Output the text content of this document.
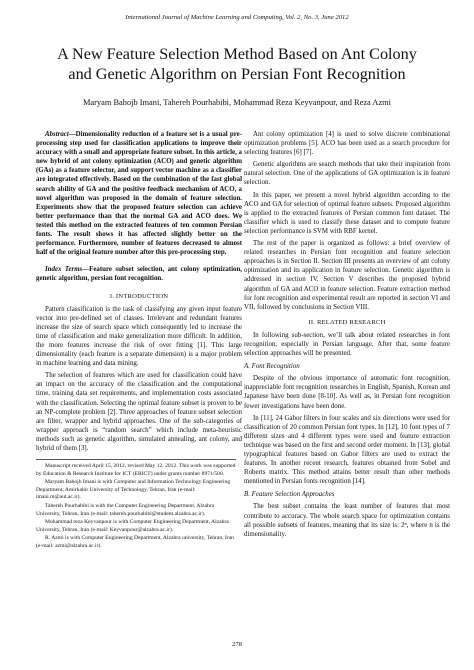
International Journal of Machine Learning and Computing, Vol. 2, No. 3, June 2012
A New Feature Selection Method Based on Ant Colony
and Genetic Algorithm on Persian Font Recognition
Maryam Bahojb Imani, Tahereh Pourhabibi, Mohammad Reza Keyvanpour, and Reza Azmi
Abstract—Dimensionality reduction of a feature set is a usual pre-processing step used for classification applications to improve their accuracy with a small and appropriate feature subset. In this article, a new hybrid of ant colony optimization (ACO) and genetic algorithm (GAs) as a feature selector, and support vector machine as a classifier are integrated effectively. Based on the combination of the fast global search ability of GA and the positive feedback mechanism of ACO, a novel algorithm was proposed in the domain of feature selection. Experiments show that the proposed feature selection can achieve better performance than that the normal GA and ACO does. We tested this method on the extracted features of ten common Persian fonts. The result shows it has affected slightly better on the performance. Furthermore, number of features decreased to almost half of the original feature number after this pre-processing step.
Index Terms—Feature subset selection, ant colony optimization, genetic algorithm, persian font recognition.
I. INTRODUCTION

Pattern classification is the task of classifying any given input feature vector into pre-defined set of classes. Irrelevant and redundant features increase the size of search space which consequently led to increase the time of classification and make generalization more difficult. In addition, the more features increase the risk of over fitting [1]. This large dimensionality (each feature is a separate dimension) is a major problem in machine learning and data mining.

The selection of features which are used for classification could have an impact on the accuracy of the classification and the computational time, training data set requirements, and implementation costs associated with the classification. Selecting the optimal feature subset is proven to be an NP-complete problem [2]. Three approaches of feature subset selection are filter, wrapper and hybrid approaches. One of the sub-categories of wrapper approach is “random search” which include meta-heuristic methods such as genetic algorithm, simulated annealing, ant colony, and hybrid of them [3].

Manuscript received April 15, 2012, revised May 12, 2012. This work was supported by Education & Research Institute for ICT (ERICT) under grants number 8971/500.
Maryam Bahojb Imani is with Computer and Information Technology Engineering Department, Amirkabir University of Technology, Tehran, Iran (e-mail: imani.m@aut.ac.ir).
Tahereh Pourhabibi is with the Computer Engineering Department, Alzahra University, Tehran, Iran (e-mail: tahereh.pourhabibi@student.alzahra.ac.ir).
Mohammad reza Keyvanpour is with Computer Engineering Department, Alzahra University, Tehran, Iran (e-mail: Keyvanpour@alzahra.ac.ir).
R. Azmi is with Computer Engineering Department, Alzahra university, Tehran, Iran (e-mail: azmi@alzahra.ac.ir).

Ant colony optimization [4] is used to solve discrete combinational optimization problems [5]. ACO has been used as a search procedure for selecting features [6] [7].

Genetic algorithms are search methods that take their inspiration from natural selection. One of the applications of GA optimization is in feature selection.

In this paper, we present a novel hybrid algorithm according to the ACO and GA for selection of optimal feature subsets. Proposed algorithm is applied to the extracted features of Persian common font dataset. The classifier which is used to classify these dataset and to compute feature selection performance is SVM with RBF kernel.

The rest of the paper is organized as follows: a brief overview of related researches in Persian font recognition and feature selection approaches is in Section II. Section III presents an overview of ant colony optimization and its application in feature selection. Genetic algorithm is addressed in section IV. Section V describes the proposed hybrid algorithm of GA and ACO in feature selection. Feature extraction method for font recognition and experimental result are reported in section VI and VII, followed by conclusions in Section VIII.

II. RELATED RESEARCH

In following sub-section, we’ll talk about related researches in font recognition, especially in Persian language. After that, some feature selection approaches will be presented.

A. Font Recognition

Despite of the obvious importance of automatic font recognition, inappreciable font recognition researches in English, Spanish, Korean and Japanese have been done [8-10]. As well as, in Persian font recognition fewer investigations have been done.

In [11], 24 Gabor filters in four scales and six directions were used for classification of 20 common Persian font types. In [12], 10 font types of 7 different sizes and 4 different types were used and feature extraction technique was based on the first and second order moment. In [13], global typographical features based on Gabor filters are used to extract the features. In another recent research, features obtained from Sobel and Roberts matrix. This method attains better result than other methods mentioned in Persian fonts recognition [14].

B. Feature Selection Approaches

The best subset contains the least number of features that most contribute to accuracy. The whole search space for optimization contains all possible subsets of features, meaning that its size is: 2ⁿ, where n is the dimensionality.

278
